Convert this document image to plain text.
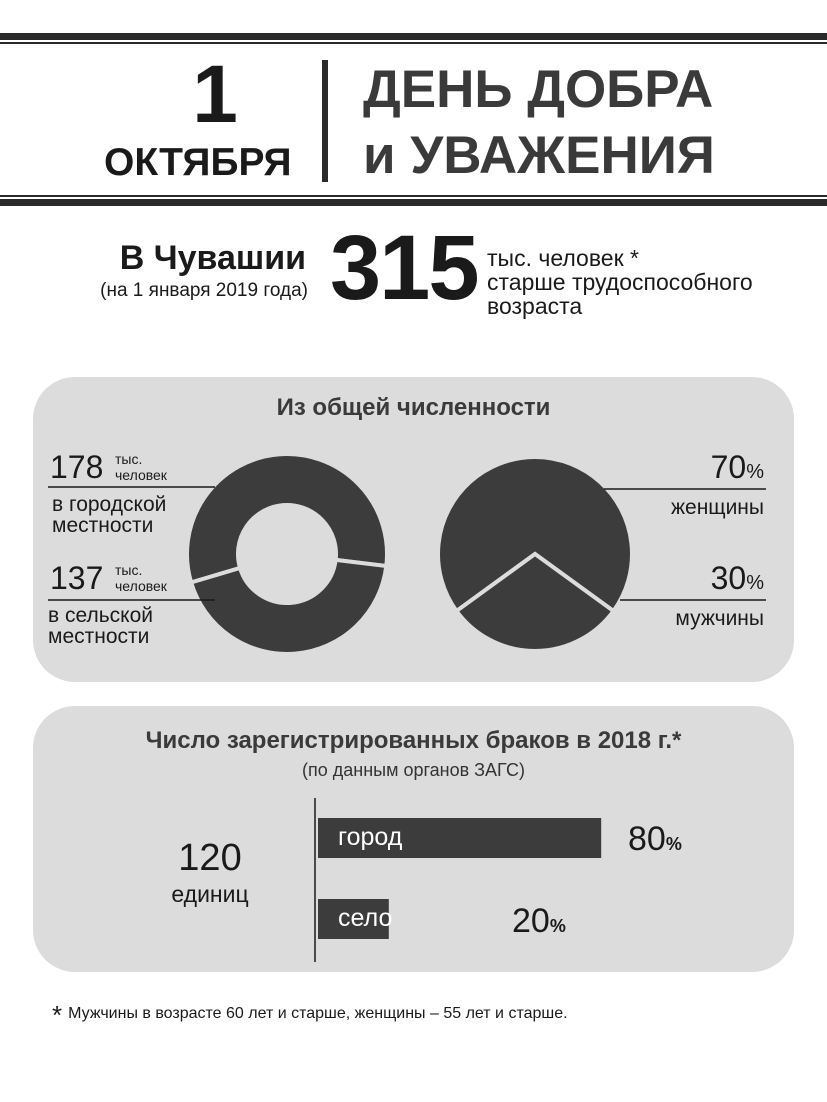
1
ОКТЯБРЯ
ДЕНЬ ДОБРА
и УВАЖЕНИЯ
В Чувашии
(на 1 января 2019 года) 315 тыс. человек *
старше трудоспособного
возраста
Из общей численности
178 тыс.
человек
в городской
местности
137 тыс.
человек
в сельской
местности
70%
женщины
30%
мужчины
Число зарегистрированных браков в 2018 г.*
(по данным органов ЗАГС)
120
единиц
город	80%
село	20%
* Мужчины в возрасте 60 лет и старше, женщины – 55 лет и старше.
